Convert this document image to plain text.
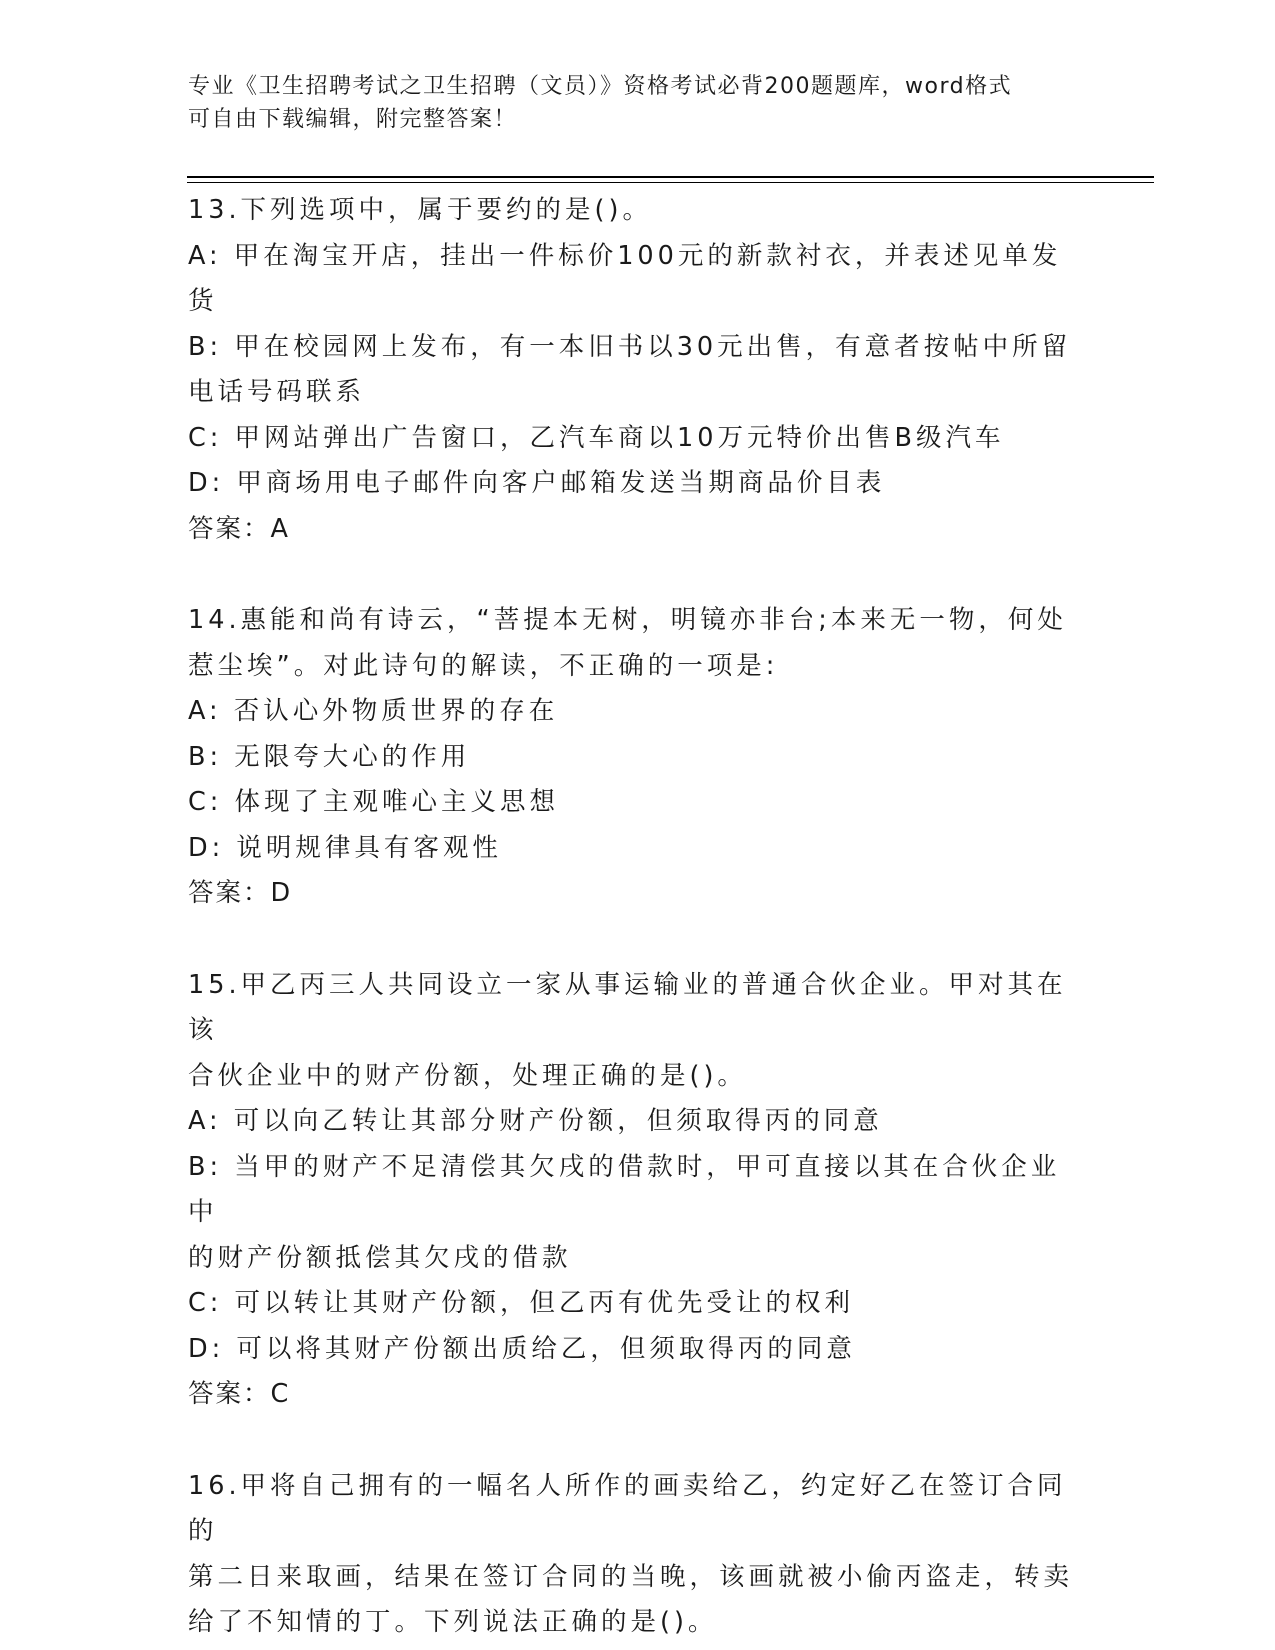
专业《卫生招聘考试之卫生招聘（文员）》资格考试必背200题题库，word格式
可自由下载编辑，附完整答案！
13.下列选项中，属于要约的是()。
A: 甲在淘宝开店，挂出一件标价100元的新款衬衣，并表述见单发货
B: 甲在校园网上发布，有一本旧书以30元出售，有意者按帖中所留
电话号码联系
C: 甲网站弹出广告窗口，乙汽车商以10万元特价出售B级汽车
D: 甲商场用电子邮件向客户邮箱发送当期商品价目表
答案：A
14.惠能和尚有诗云，“菩提本无树，明镜亦非台;本来无一物，何处
惹尘埃”。对此诗句的解读，不正确的一项是:
A: 否认心外物质世界的存在
B: 无限夸大心的作用
C: 体现了主观唯心主义思想
D: 说明规律具有客观性
答案：D
15.甲乙丙三人共同设立一家从事运输业的普通合伙企业。甲对其在该
合伙企业中的财产份额，处理正确的是()。
A: 可以向乙转让其部分财产份额，但须取得丙的同意
B: 当甲的财产不足清偿其欠戌的借款时，甲可直接以其在合伙企业中
的财产份额抵偿其欠戌的借款
C: 可以转让其财产份额，但乙丙有优先受让的权利
D: 可以将其财产份额出质给乙，但须取得丙的同意
答案：C
16.甲将自己拥有的一幅名人所作的画卖给乙，约定好乙在签订合同的
第二日来取画，结果在签订合同的当晚，该画就被小偷丙盗走，转卖
给了不知情的丁。下列说法正确的是()。
